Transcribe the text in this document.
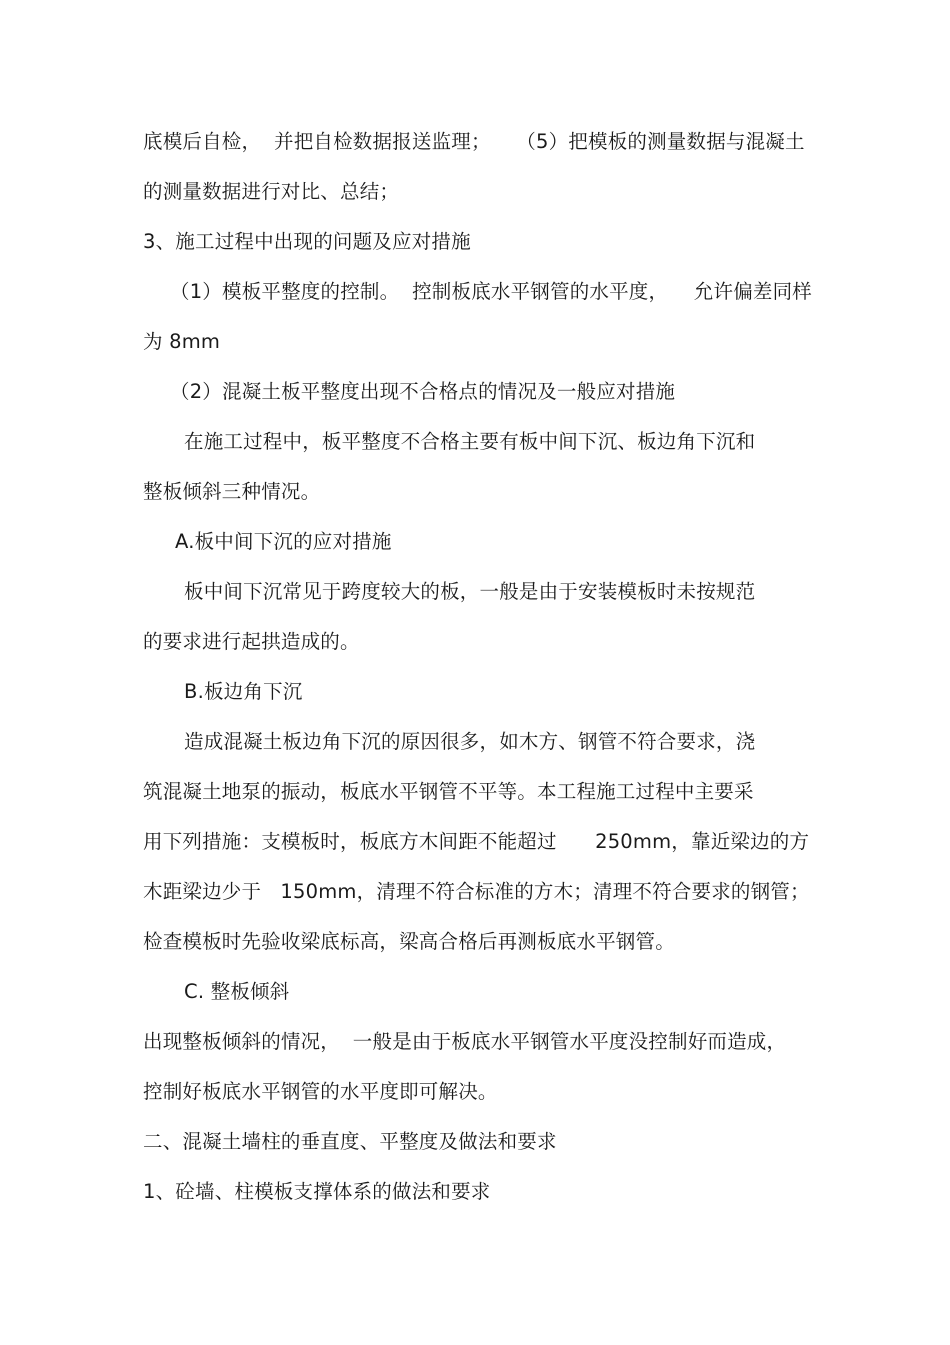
底模后自检，  并把自检数据报送监理；    （5）把模板的测量数据与混凝土
的测量数据进行对比、总结；
3、施工过程中出现的问题及应对措施
（1）模板平整度的控制。  控制板底水平钢管的水平度，    允许偏差同样
为 8mm
（2）混凝土板平整度出现不合格点的情况及一般应对措施
在施工过程中，板平整度不合格主要有板中间下沉、板边角下沉和
整板倾斜三种情况。
A.板中间下沉的应对措施
板中间下沉常见于跨度较大的板，一般是由于安装模板时未按规范
的要求进行起拱造成的。
B.板边角下沉
造成混凝土板边角下沉的原因很多，如木方、钢管不符合要求，浇
筑混凝土地泵的振动，板底水平钢管不平等。本工程施工过程中主要采
用下列措施：支模板时，板底方木间距不能超过      250mm，靠近梁边的方
木距梁边少于   150mm，清理不符合标准的方木；清理不符合要求的钢管；
检查模板时先验收梁底标高，梁高合格后再测板底水平钢管。
C. 整板倾斜
出现整板倾斜的情况，  一般是由于板底水平钢管水平度没控制好而造成，
控制好板底水平钢管的水平度即可解决。
二、混凝土墙柱的垂直度、平整度及做法和要求
1、砼墙、柱模板支撑体系的做法和要求
